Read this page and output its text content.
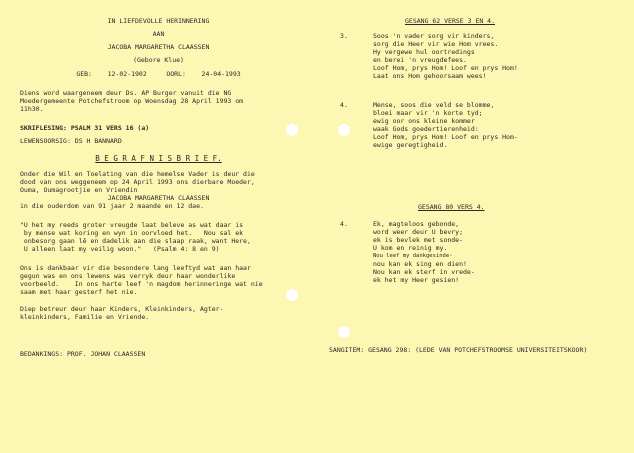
IN LIEFDEVOLLE HERINNERING
AAN
JACOBA MARGARETHA CLAASSEN
(Gebore Klue)
GEB:    12-02-1902     OORL:    24-04-1993
Diens word waargeneem deur Ds. AP Burger vanuit die NG
Moedergemeente Potchefstroom op Woensdag 28 April 1993 om
11h30.
SKRIFLESING: PSALM 31 VERS 16 (a)
LEWENSOORSIG: DS H BANNARD
B E G R A F N I S B R I E F.
Onder die Wil en Toelating van die hemelse Vader is deur die
dood van ons weggeneem op 24 April 1993 ons dierbare Moeder,
Ouma, Oumagrootjie en Vriendin
JACOBA MARGARETHA CLAASSEN
in die ouderdom van 91 jaar 2 maande en 12 dae.
"U het my reeds groter vreugde laat beleve as wat daar is
by mense wat koring en wyn in oorvloed het.   Nou sal ek
onbesorg gaan lê en dadelik aan die slaap raak, want Here,
U alleen laat my veilig woon."   (Psalm 4: 8 en 9)
Ons is dankbaar vir die besondere lang leeftyd wat aan haar
gegun was en ons lewens was verryk deur haar wonderlike
voorbeeld.    In ons harte leef 'n magdom herinneringe wat nie
saam met haar gesterf het nie.
Diep betreur deur haar Kinders, Kleinkinders, Agter-
kleinkinders, Familie en Vriende.
BEDANKINGS: PROF. JOHAN CLAASSEN
GESANG 62 VERSE 3 EN 4.
3.	Soos 'n vader sorg vir kinders,
sorg die Heer vir wie Hom vrees.
Hy vergewe hul oortredings
en berei 'n vreugdefees.
Loof Hom, prys Hom! Loof en prys Hom!
Laat ons Hom gehoorsaam wees!
4.	Mense, soos die veld se blomme,
bloei maar vir 'n korte tyd;
ewig oor ons kleine kommer
waak Gods goedertierenheid:
Loof Hom, prys Hom! Loof en prys Hom-
ewige geregtigheid.
GESANG 80 VERS 4.
4.	Ek, magteloos gebonde,
word weer deur U bevry;
ek is bevlek met sonde-
U kom en reinig my.
Nou leef my dankgesinde-
nou kan ek sing en dien!
Nou kan ek sterf in vrede-
ek het my Heer gesien!
SANGITEM: GESANG 298: (LEDE VAN POTCHEFSTROOMSE UNIVERSITEITSKOOR)
